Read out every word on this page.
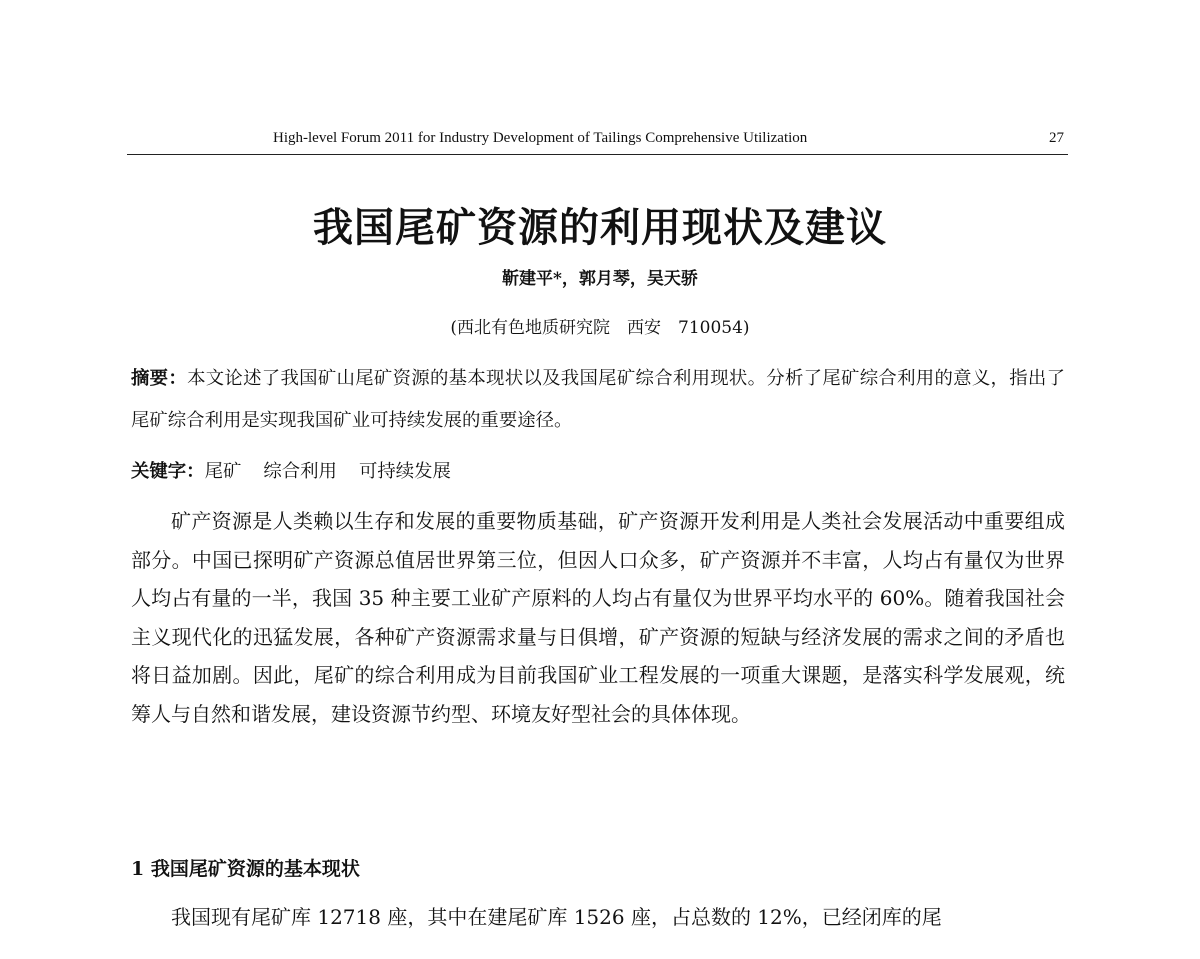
High-level Forum 2011 for Industry Development of Tailings Comprehensive Utilization	27
我国尾矿资源的利用现状及建议
靳建平*，郭月琴，吴天骄
(西北有色地质研究院　西安　710054)
摘要：本文论述了我国矿山尾矿资源的基本现状以及我国尾矿综合利用现状。分析了尾矿综合利用的意义，指出了尾矿综合利用是实现我国矿业可持续发展的重要途径。
关键字：尾矿 综合利用 可持续发展

矿产资源是人类赖以生存和发展的重要物质基础，矿产资源开发利用是人类社会发展活动中重要组成部分。中国已探明矿产资源总值居世界第三位，但因人口众多，矿产资源并不丰富，人均占有量仅为世界人均占有量的一半，我国 35 种主要工业矿产原料的人均占有量仅为世界平均水平的 60%。随着我国社会主义现代化的迅猛发展，各种矿产资源需求量与日俱增，矿产资源的短缺与经济发展的需求之间的矛盾也将日益加剧。因此，尾矿的综合利用成为目前我国矿业工程发展的一项重大课题，是落实科学发展观，统筹人与自然和谐发展，建设资源节约型、环境友好型社会的具体体现。

1 我国尾矿资源的基本现状

我国现有尾矿库 12718 座，其中在建尾矿库 1526 座，占总数的 12%，已经闭库的尾
